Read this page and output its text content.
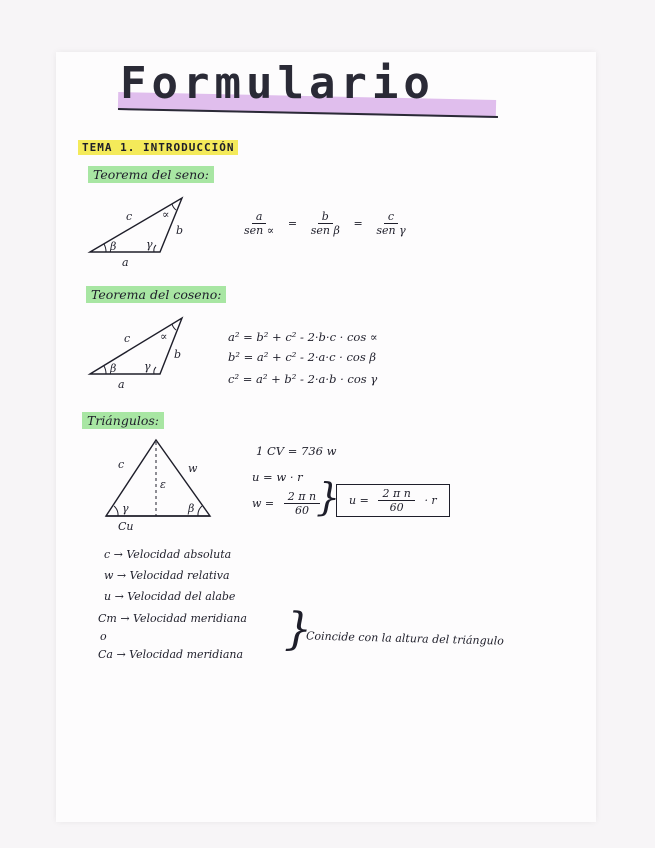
Formulario
TEMA 1. INTRODUCCIÓN
Teorema del seno:
c
b
a
∝
β	γ
$\frac{a}{\text{sen ∝}} = \frac{b}{\text{sen β}} = \frac{c}{\text{sen γ}}$
Teorema del coseno:
c
b
a
∝
β	γ
a² = b² + c² - 2·b·c · cos ∝
b² = a² + c² - 2·a·c · cos β
c² = a² + b² - 2·a·b · cos γ
Triángulos:
c	w
ε
γ	β
Cu
1 CV = 736 w
u = w · r
$w = \frac{\text{2 π n}}{60}$
} $u = \frac{\text{2 π n}}{60} \cdot r$
c → Velocidad absoluta
w → Velocidad relativa
u → Velocidad del alabe
Cm → Velocidad meridiana
o
Ca → Velocidad meridiana }
Coincide con la altura del triángulo
